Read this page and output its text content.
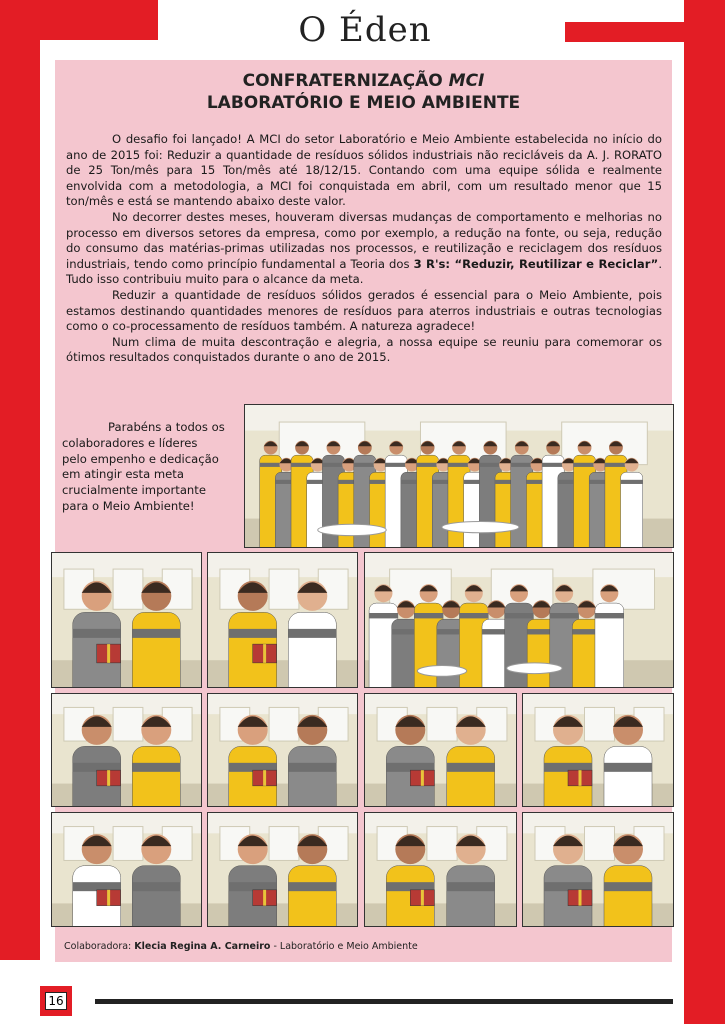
O Éden
CONFRATERNIZAÇÃO MCI
LABORATÓRIO E MEIO AMBIENTE

O desafio foi lançado! A MCI do setor Laboratório e Meio Ambiente estabelecida no início do ano de 2015 foi: Reduzir a quantidade de resíduos sólidos industriais não recicláveis da A. J. RORATO de 25 Ton/mês para 15 Ton/mês até 18/12/15. Contando com uma equipe sólida e realmente envolvida com a metodologia, a MCI foi conquistada em abril, com um resultado menor que 15 ton/mês e está se mantendo abaixo deste valor.

No decorrer destes meses, houveram diversas mudanças de comportamento e melhorias no processo em diversos setores da empresa, como por exemplo, a redução na fonte, ou seja, redução do consumo das matérias-primas utilizadas nos processos, e reutilização e reciclagem dos resíduos industriais, tendo como princípio fundamental a Teoria dos 3 R's: “Reduzir, Reutilizar e Reciclar”. Tudo isso contribuiu muito para o alcance da meta.

Reduzir a quantidade de resíduos sólidos gerados é essencial para o Meio Ambiente, pois estamos destinando quantidades menores de resíduos para aterros industriais e outras tecnologias como o co-processamento de resíduos também. A natureza agradece!

Num clima de muita descontração e alegria, a nossa equipe se reuniu para comemorar os ótimos resultados conquistados durante o ano de 2015.

Parabéns a todos os
colaboradores e líderes
pelo empenho e dedicação
em atingir esta meta
crucialmente importante
para o Meio Ambiente!
Colaboradora: Klecia Regina A. Carneiro - Laboratório e Meio Ambiente
16
